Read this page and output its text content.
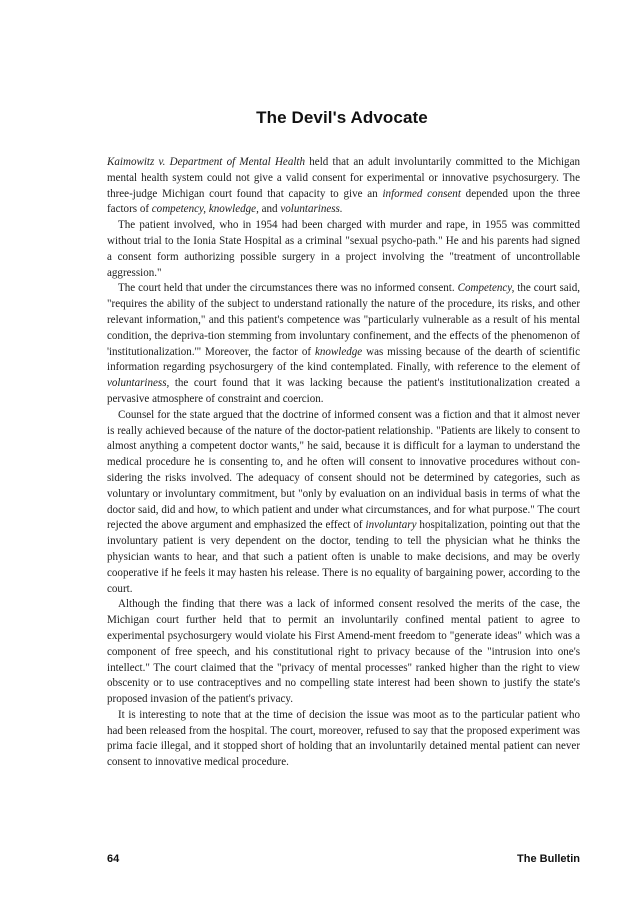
The Devil's Advocate

Kaimowitz v. Department of Mental Health held that an adult involuntarily committed to the Michigan mental health system could not give a valid consent for experimental or innovative psychosurgery. The three-judge Michigan court found that capacity to give an informed consent depended upon the three factors of competency, knowledge, and voluntariness.

The patient involved, who in 1954 had been charged with murder and rape, in 1955 was committed without trial to the Ionia State Hospital as a criminal "sexual psycho-path." He and his parents had signed a consent form authorizing possible surgery in a project involving the "treatment of uncontrollable aggression."

The court held that under the circumstances there was no informed consent. Competency, the court said, "requires the ability of the subject to understand rationally the nature of the procedure, its risks, and other relevant information," and this patient's competence was "particularly vulnerable as a result of his mental condition, the depriva-tion stemming from involuntary confinement, and the effects of the phenomenon of 'institutionalization.'" Moreover, the factor of knowledge was missing because of the dearth of scientific information regarding psychosurgery of the kind contemplated. Finally, with reference to the element of voluntariness, the court found that it was lacking because the patient's institutionalization created a pervasive atmosphere of constraint and coercion.

Counsel for the state argued that the doctrine of informed consent was a fiction and that it almost never is really achieved because of the nature of the doctor-patient relationship. "Patients are likely to consent to almost anything a competent doctor wants," he said, because it is difficult for a layman to understand the medical procedure he is consenting to, and he often will consent to innovative procedures without con-sidering the risks involved. The adequacy of consent should not be determined by categories, such as voluntary or involuntary commitment, but "only by evaluation on an individual basis in terms of what the doctor said, did and how, to which patient and under what circumstances, and for what purpose." The court rejected the above argument and emphasized the effect of involuntary hospitalization, pointing out that the involuntary patient is very dependent on the doctor, tending to tell the physician what he thinks the physician wants to hear, and that such a patient often is unable to make decisions, and may be overly cooperative if he feels it may hasten his release. There is no equality of bargaining power, according to the court.

Although the finding that there was a lack of informed consent resolved the merits of the case, the Michigan court further held that to permit an involuntarily confined mental patient to agree to experimental psychosurgery would violate his First Amend-ment freedom to "generate ideas" which was a component of free speech, and his constitutional right to privacy because of the "intrusion into one's intellect." The court claimed that the "privacy of mental processes" ranked higher than the right to view obscenity or to use contraceptives and no compelling state interest had been shown to justify the state's proposed invasion of the patient's privacy.

It is interesting to note that at the time of decision the issue was moot as to the particular patient who had been released from the hospital. The court, moreover, refused to say that the proposed experiment was prima facie illegal, and it stopped short of holding that an involuntarily detained mental patient can never consent to innovative medical procedure.

64	The Bulletin
